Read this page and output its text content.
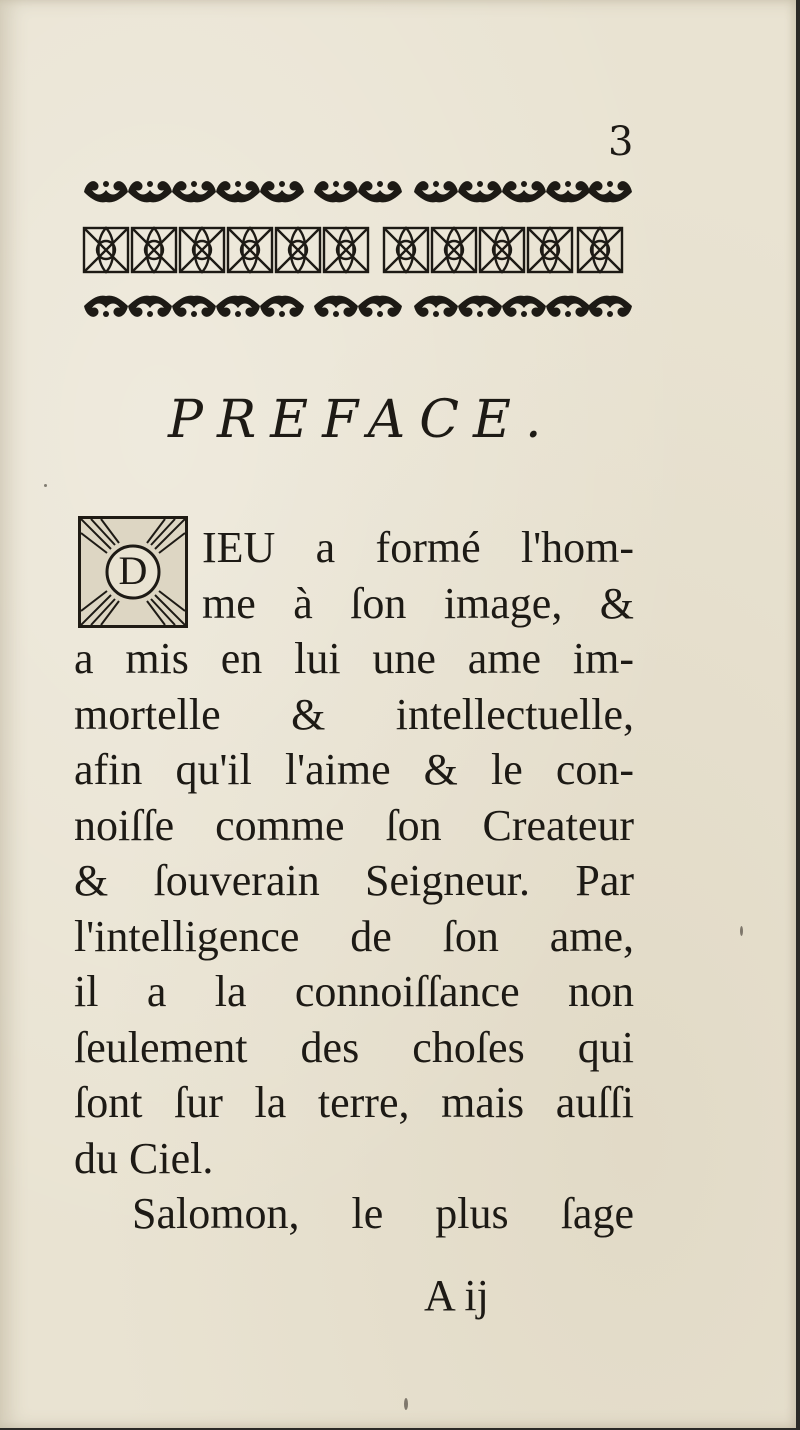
3
PREFACE.
D	IEU a formé l'hom-
me à ſon image, &
a mis en lui une ame im-
mortelle & intellectuelle,
afin qu'il l'aime & le con-
noiſſe comme ſon Createur
& ſouverain Seigneur. Par
l'intelligence de ſon ame,
il a la connoiſſance non
ſeulement des choſes qui
ſont ſur la terre, mais auſſi
du Ciel.
Salomon, le plus ſage
A ij
